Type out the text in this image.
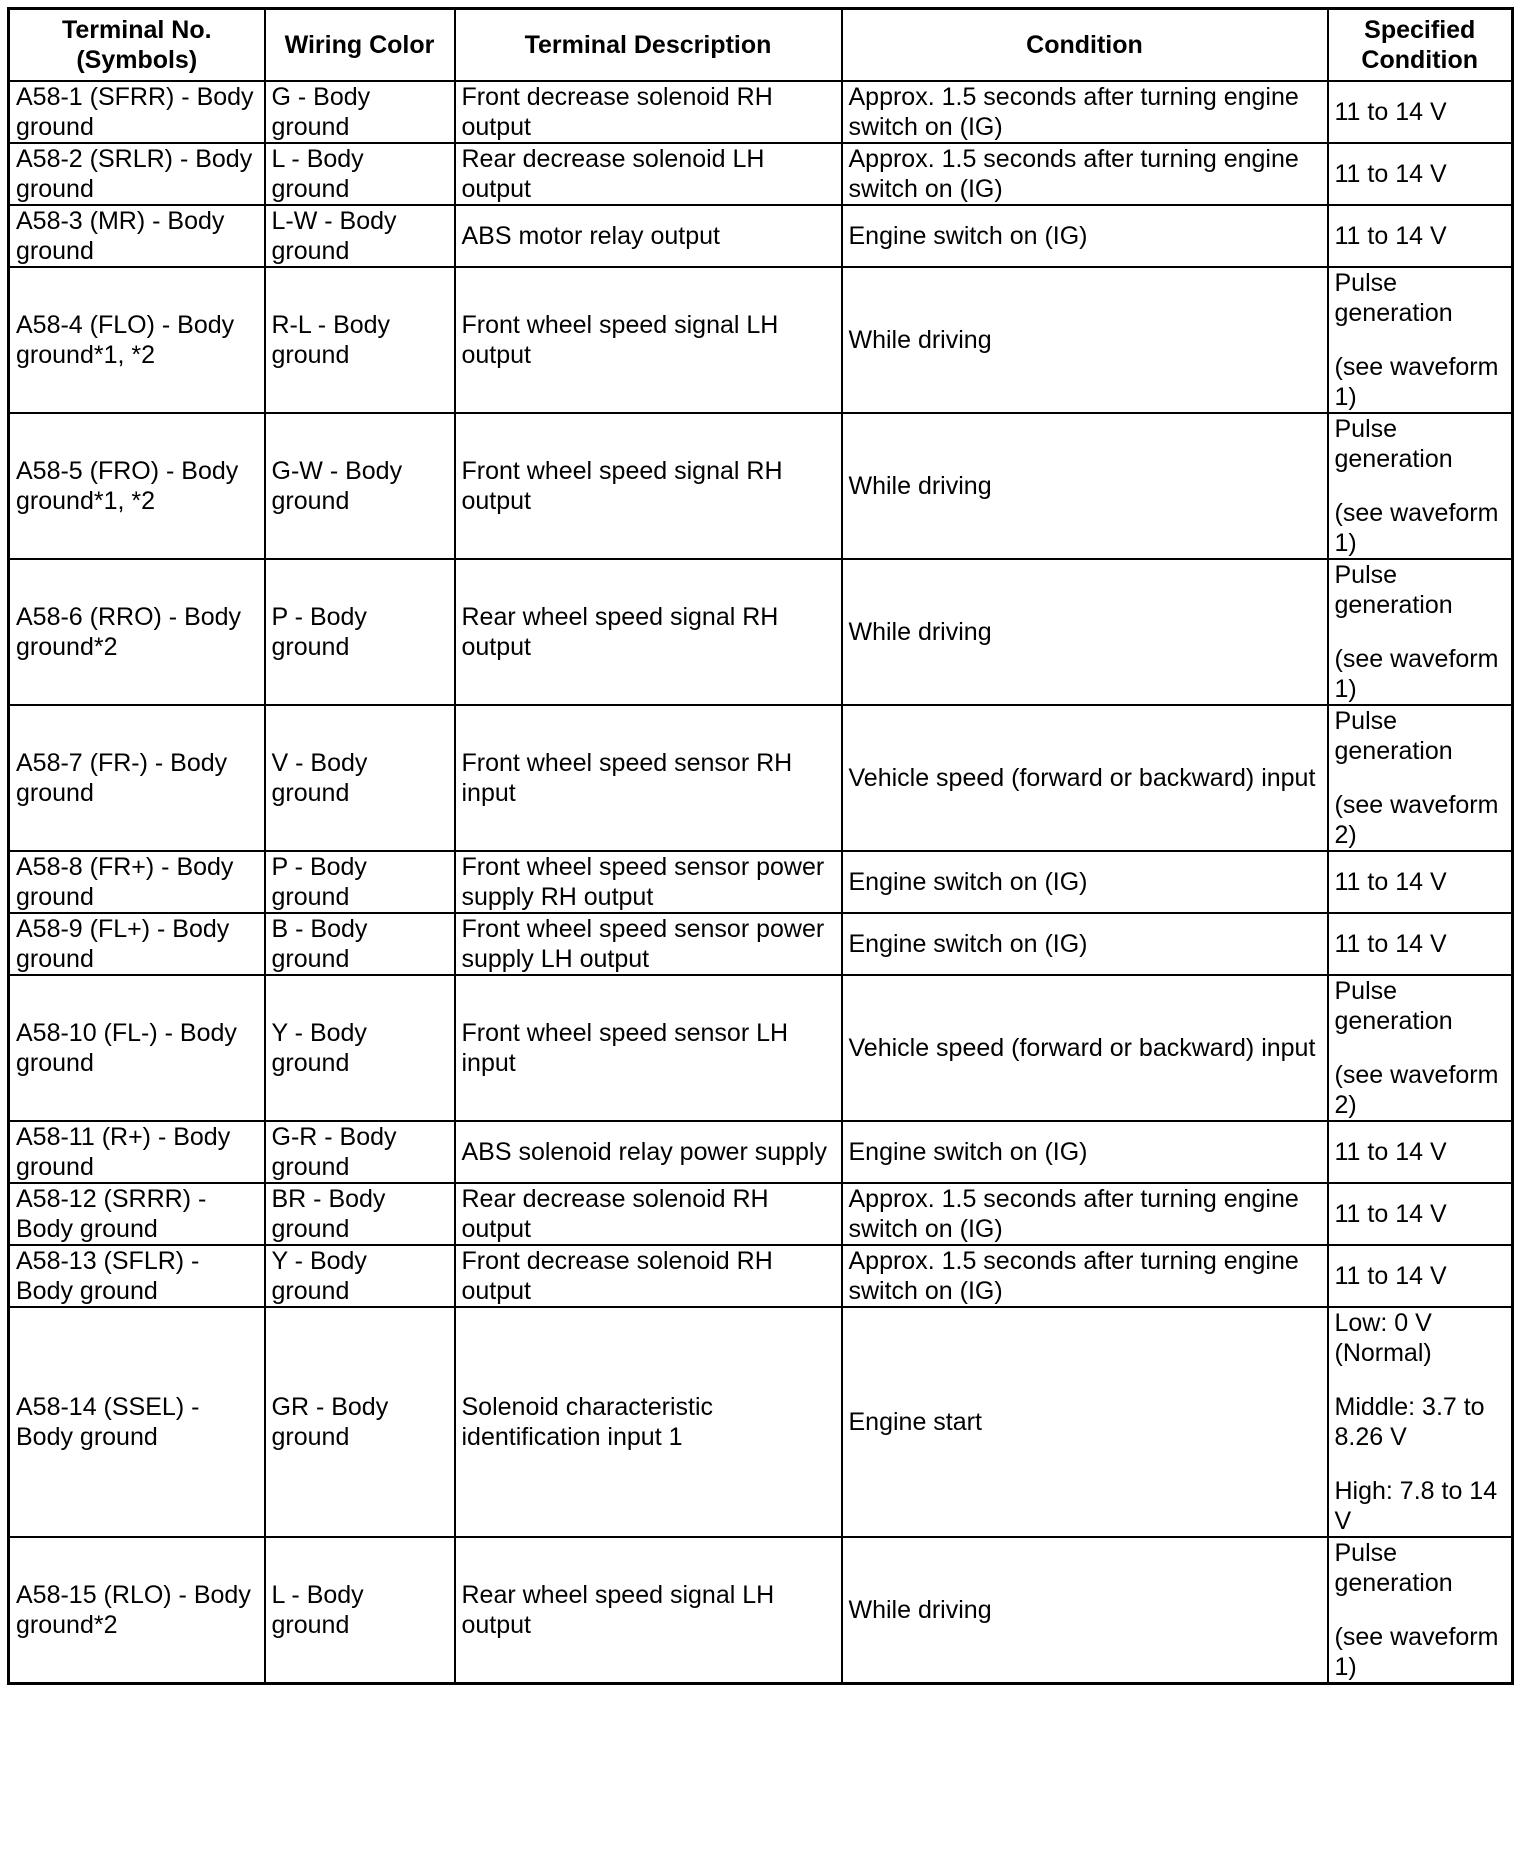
Terminal No. (Symbols)	Wiring Color	Terminal Description	Condition	Specified Condition
A58-1 (SFRR) - Body ground	G - Body ground	Front decrease solenoid RH output	Approx. 1.5 seconds after turning engine switch on (IG)	11 to 14 V

A58-2 (SRLR) - Body ground	L - Body ground	Rear decrease solenoid LH output	Approx. 1.5 seconds after turning engine switch on (IG)	11 to 14 V

A58-3 (MR) - Body ground	L-W - Body ground	ABS motor relay output	Engine switch on (IG)	11 to 14 V

A58-4 (FLO) - Body ground*1, *2	R-L - Body ground	Front wheel speed signal LH output	While driving	Pulse generation
(see waveform 1)

A58-5 (FRO) - Body ground*1, *2	G-W - Body ground	Front wheel speed signal RH output	While driving	Pulse generation
(see waveform 1)

A58-6 (RRO) - Body ground*2	P - Body ground	Rear wheel speed signal RH output	While driving	Pulse generation
(see waveform 1)

A58-7 (FR-) - Body ground	V - Body ground	Front wheel speed sensor RH input	Vehicle speed (forward or backward) input	Pulse generation
(see waveform 2)

A58-8 (FR+) - Body ground	P - Body ground	Front wheel speed sensor power supply RH output	Engine switch on (IG)	11 to 14 V

A58-9 (FL+) - Body ground	B - Body ground	Front wheel speed sensor power supply LH output	Engine switch on (IG)	11 to 14 V

A58-10 (FL-) - Body ground	Y - Body ground	Front wheel speed sensor LH input	Vehicle speed (forward or backward) input	Pulse generation
(see waveform 2)

A58-11 (R+) - Body ground	G-R - Body ground	ABS solenoid relay power supply	Engine switch on (IG)	11 to 14 V

A58-12 (SRRR) - Body ground	BR - Body ground	Rear decrease solenoid RH output	Approx. 1.5 seconds after turning engine switch on (IG)	11 to 14 V

A58-13 (SFLR) - Body ground	Y - Body ground	Front decrease solenoid RH output	Approx. 1.5 seconds after turning engine switch on (IG)	11 to 14 V

A58-14 (SSEL) - Body ground	GR - Body ground	Solenoid characteristic identification input 1	Engine start	Low: 0 V (Normal)
Middle: 3.7 to 8.26 V
High: 7.8 to 14 V

A58-15 (RLO) - Body ground*2	L - Body ground	Rear wheel speed signal LH output	While driving	Pulse generation
(see waveform 1)
